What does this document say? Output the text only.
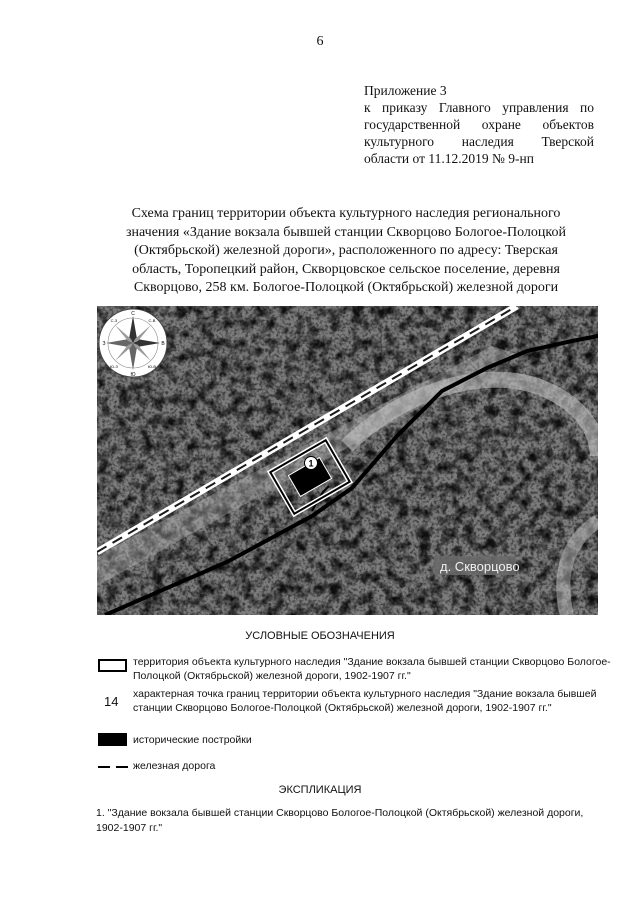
6
Приложение 3
к приказу Главного управления по
государственной охране объектов
культурного наследия Тверской
области от 11.12.2019 № 9-нп
Схема границ территории объекта культурного наследия регионального
значения «Здание вокзала бывшей станции Скворцово Бологое-Полоцкой
(Октябрьской) железной дороги», расположенного по адресу: Тверская
область, Торопецкий район, Скворцовское сельское поселение, деревня
Скворцово, 258 км. Бологое-Полоцкой (Октябрьской) железной дороги
1
д. Скворцово
С
Ю
З	В
С-В
С-З
Ю-В
Ю-З
УСЛОВНЫЕ ОБОЗНАЧЕНИЯ
территория объекта культурного наследия "Здание вокзала бывшей станции Скворцово Бологое-
Полоцкой (Октябрьской) железной дороги, 1902-1907 гг."
14 характерная точка границ территории объекта культурного наследия "Здание вокзала бывшей
станции Скворцово Бологое-Полоцкой (Октябрьской) железной дороги, 1902-1907 гг."
исторические постройки
железная дорога
ЭКСПЛИКАЦИЯ
1. "Здание вокзала бывшей станции Скворцово Бологое-Полоцкой (Октябрьской) железной дороги,
1902-1907 гг."
